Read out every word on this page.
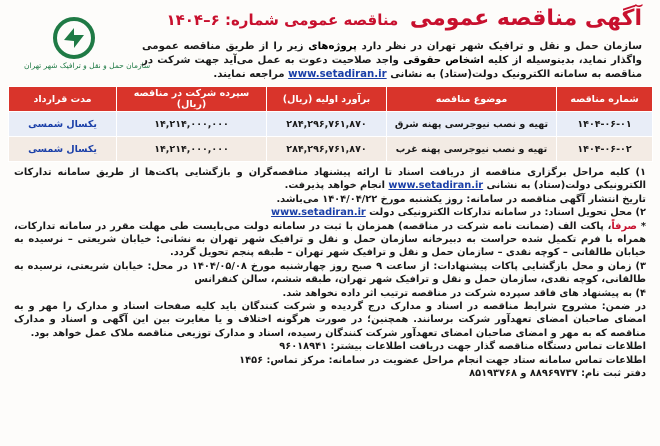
سازمان حمل و نقل و ترافیک شهر تهران
آگهی مناقصه عمومی مناقصه عمومی شماره: ۶–۱۴۰۴
سازمان حمل و نقل و ترافیک شهر تهران در نظر دارد پروژه‌های زیر را از طریق مناقصه عمومی واگذار نماید، بدینوسیله از کلیه اشخاص حقوقی واجد صلاحیت دعوت به عمل می‌آید جهت شرکت در مناقصه به سامانه الکترونیک دولت(ستاد) به نشانی www.setadiran.ir مراجعه نمایند.
شماره مناقصه	موضوع مناقصه	برآورد اولیه (ریال)	سپرده شرکت در مناقصه (ریال)	مدت قرارداد
۱۴۰۴-۰۶-۰۱	تهیه و نصب نیوجرسی پهنه شرق	۲۸۴,۲۹۶,۷۶۱,۸۷۰	۱۴,۲۱۴,۰۰۰,۰۰۰	یکسال شمسی
۱۴۰۴-۰۶-۰۲	تهیه و نصب نیوجرسی پهنه غرب	۲۸۴,۲۹۶,۷۶۱,۸۷۰	۱۴,۲۱۴,۰۰۰,۰۰۰	یکسال شمسی

۱) کلیه مراحل برگزاری مناقصه از دریافت اسناد تا ارائه پیشنهاد مناقصه‌گران و بازگشایی پاکت‌ها از طریق سامانه تدارکات الکترونیکی دولت(ستاد) به نشانی www.setadiran.ir انجام خواهد پذیرفت.

تاریخ انتشار آگهی مناقصه در سامانه: روز یکشنبه مورخ ۱۴۰۴/۰۴/۲۲ می‌باشد.

۲) محل تحویل اسناد: در سامانه تدارکات الکترونیکی دولت www.setadiran.ir

* صرفاً، پاکت الف (ضمانت نامه شرکت در مناقصه) همزمان با ثبت در سامانه دولت می‌بایست طی مهلت مقرر در سامانه تدارکات، همراه با فرم تکمیل شده حراست به دبیرخانه سازمان حمل و نقل و ترافیک شهر تهران به نشانی: خیابان شریعتی – نرسیده به خیابان طالقانی – کوچه نقدی – سازمان حمل و نقل و ترافیک شهر تهران – طبقه پنجم تحویل گردد.

۳) زمان و محل بازگشایی پاکات پیشنهادات: از ساعت ۹ صبح روز چهارشنبه مورخ ۱۴۰۴/۰۵/۰۸ در محل: خیابان شریعتی، نرسیده به طالقانی، کوچه نقدی، سازمان حمل و نقل و ترافیک شهر تهران، طبقه ششم، سالن کنفرانس

۴) به پیشنهاد های فاقد سپرده شرکت در مناقصه ترتیب اثر داده نخواهد شد.

در ضمن: مشروح شرایط مناقصه در اسناد و مدارک درج گردیده و شرکت کنندگان باید کلیه صفحات اسناد و مدارک را مهر و به امضای صاحبان امضای تعهدآور شرکت برسانند. همچنین؛ در صورت هرگونه اختلاف و یا مغایرت بین این آگهی و اسناد و مدارک مناقصه که به مهر و امضای صاحبان امضای تعهدآور شرکت کنندگان رسیده، اسناد و مدارک توزیعی مناقصه ملاک عمل خواهد بود.

اطلاعات تماس دستگاه مناقصه گذار جهت دریافت اطلاعات بیشتر: ۹۶۰۱۸۹۴۱

اطلاعات تماس سامانه ستاد جهت انجام مراحل عضویت در سامانه: مرکز تماس: ۱۴۵۶

دفتر ثبت نام: ۸۸۹۶۹۷۳۷ و ۸۵۱۹۳۷۶۸
